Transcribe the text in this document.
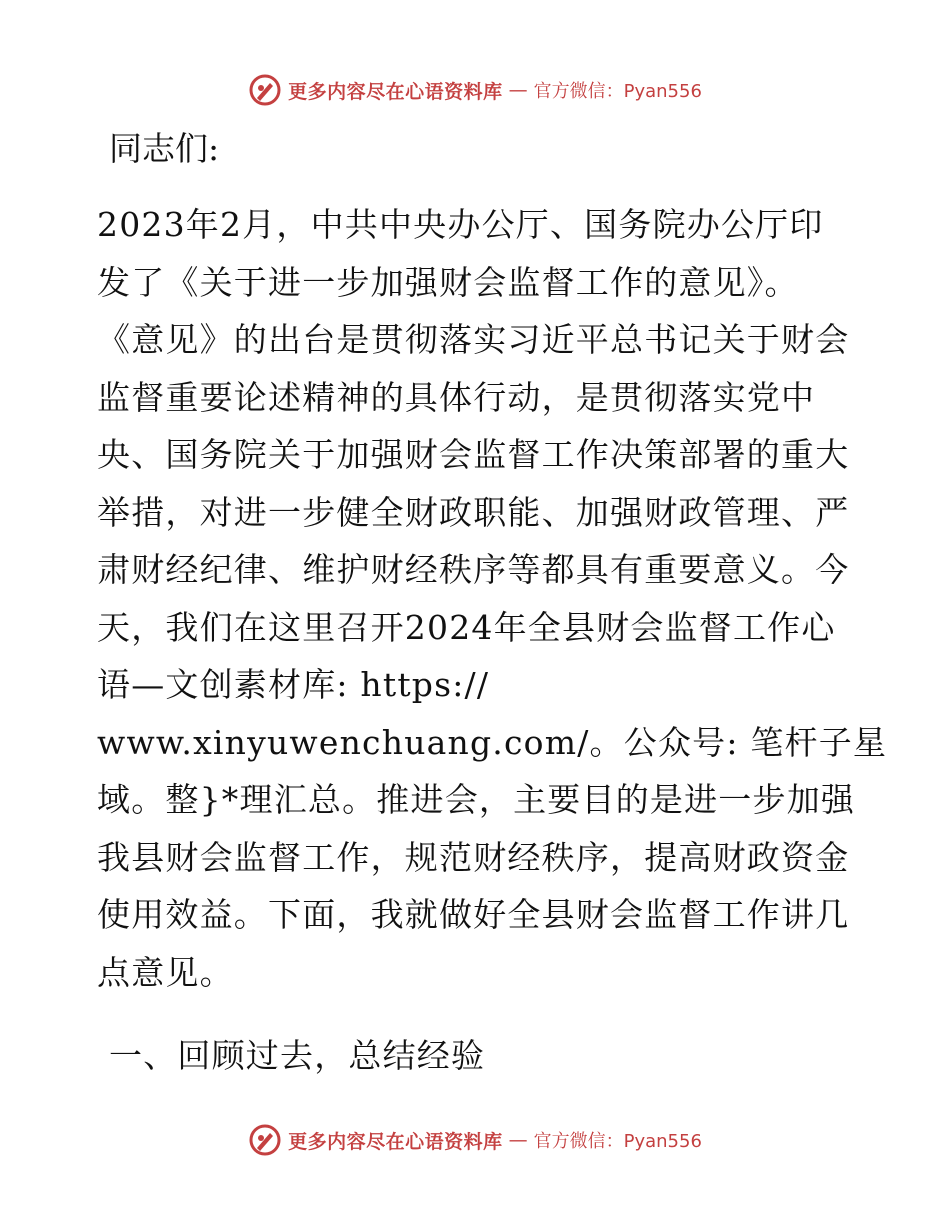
更多内容尽在心语资料库 — 官方微信：Pyan556
同志们:

2023年2月，中共中央办公厅、国务院办公厅印
发了《关于进一步加强财会监督工作的意见》。
《意见》的出台是贯彻落实习近平总书记关于财会
监督重要论述精神的具体行动，是贯彻落实党中
央、国务院关于加强财会监督工作决策部署的重大
举措，对进一步健全财政职能、加强财政管理、严
肃财经纪律、维护财经秩序等都具有重要意义。今
天，我们在这里召开2024年全县财会监督工作心
语—文创素材库: https://
www.xinyuwenchuang.com/。公众号: 笔杆子星
域。整}*理汇总。推进会，主要目的是进一步加强
我县财会监督工作，规范财经秩序，提高财政资金
使用效益。下面，我就做好全县财会监督工作讲几
点意见。

一、回顾过去，总结经验
更多内容尽在心语资料库 — 官方微信：Pyan556
